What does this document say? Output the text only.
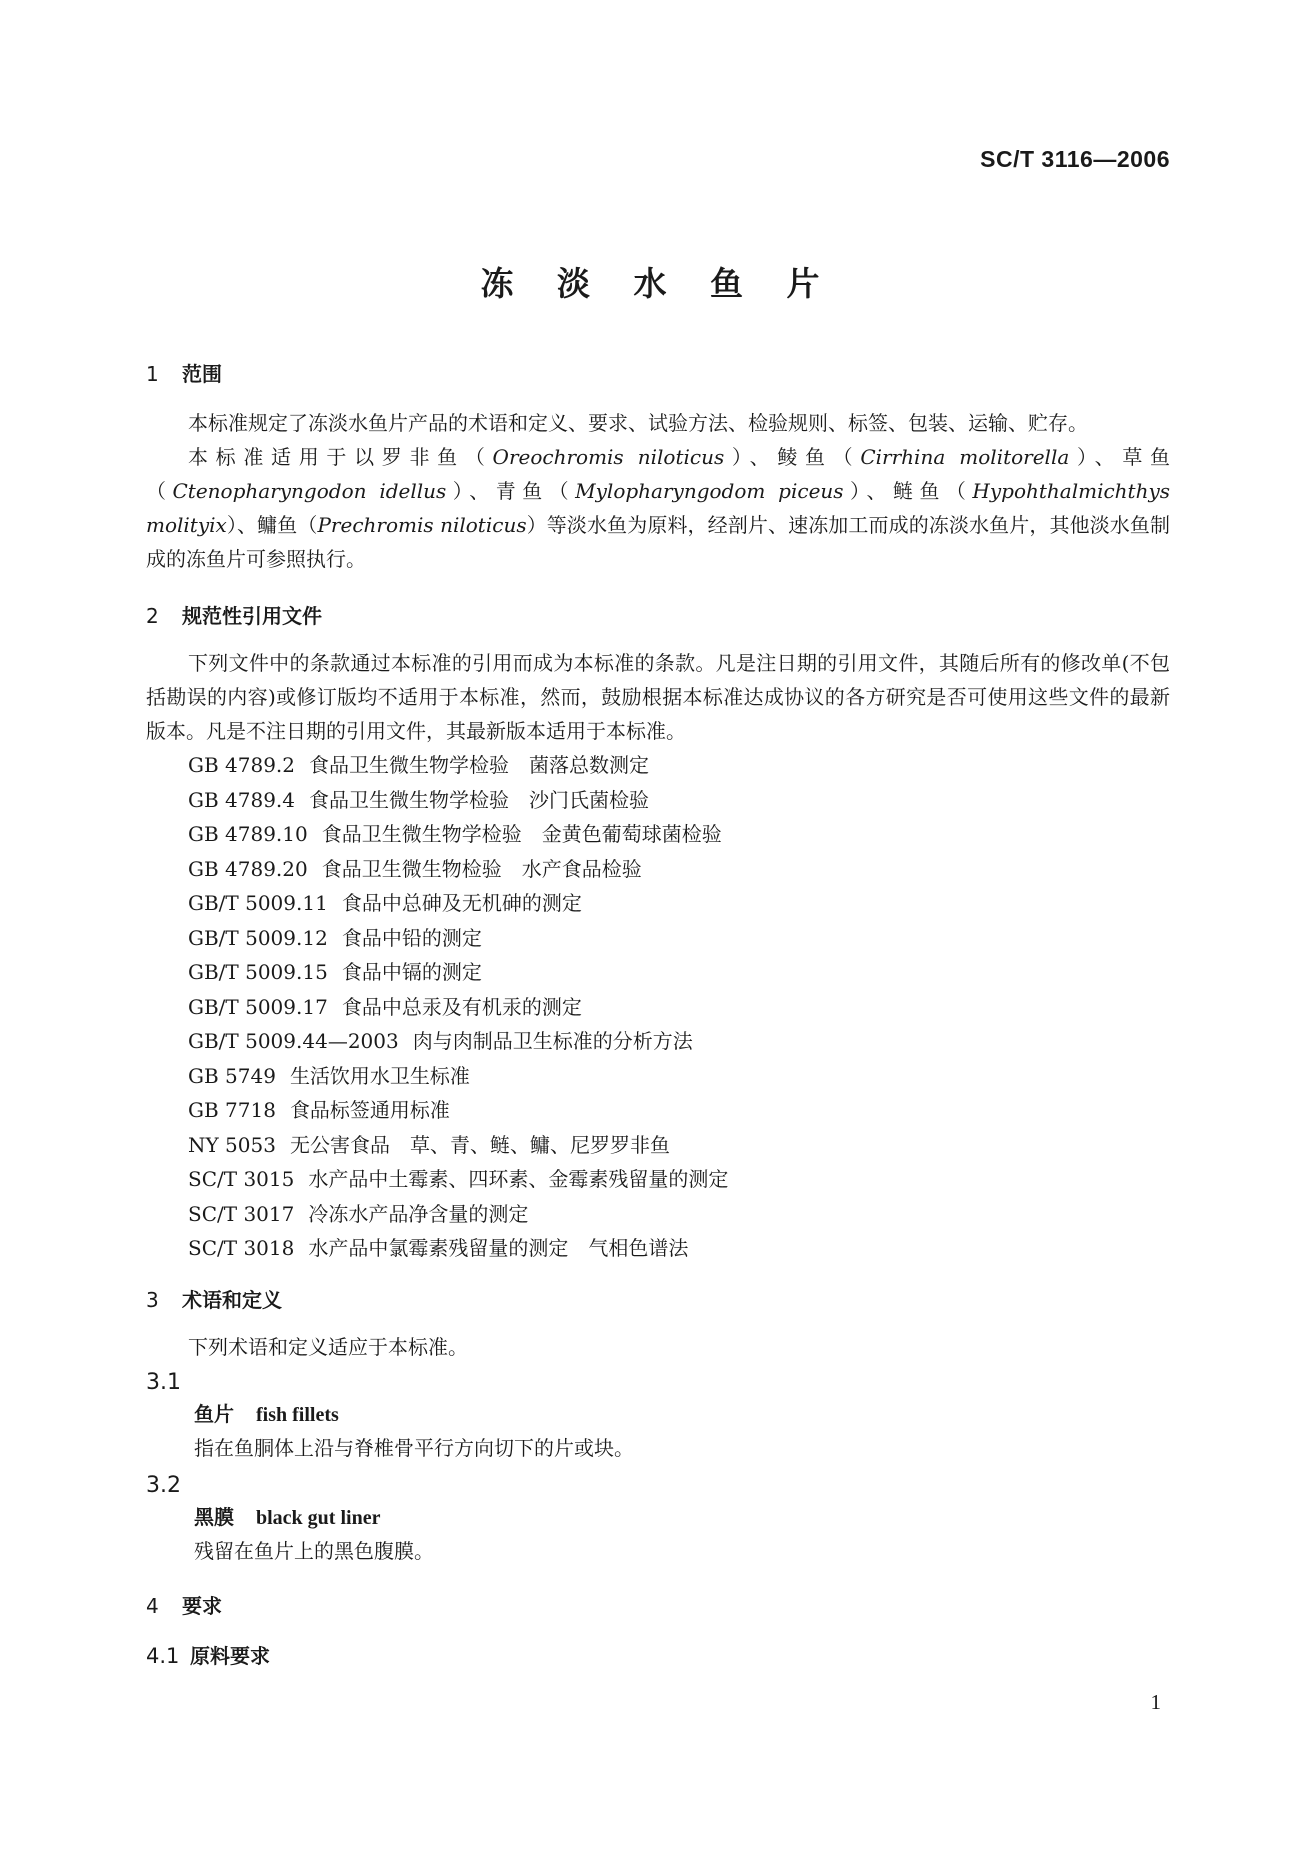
SC/T 3116—2006
冻 淡 水 鱼 片

1 范围

本标准规定了冻淡水鱼片产品的术语和定义、要求、试验方法、检验规则、标签、包装、运输、贮存。

本标准适用于以罗非鱼（Oreochromis niloticus）、鲮鱼（Cirrhina molitorella）、草鱼（Ctenopharyngodon idellus）、青鱼（Mylopharyngodom piceus）、鲢鱼（Hypohthalmichthys molityix）、鳙鱼（Prechromis niloticus）等淡水鱼为原料，经剖片、速冻加工而成的冻淡水鱼片，其他淡水鱼制成的冻鱼片可参照执行。

2 规范性引用文件

下列文件中的条款通过本标准的引用而成为本标准的条款。凡是注日期的引用文件，其随后所有的修改单(不包括勘误的内容)或修订版均不适用于本标准，然而，鼓励根据本标准达成协议的各方研究是否可使用这些文件的最新版本。凡是不注日期的引用文件，其最新版本适用于本标准。

GB 4789.2 食品卫生微生物学检验　菌落总数测定
GB 4789.4 食品卫生微生物学检验　沙门氏菌检验
GB 4789.10 食品卫生微生物学检验　金黄色葡萄球菌检验
GB 4789.20 食品卫生微生物检验　水产食品检验
GB/T 5009.11 食品中总砷及无机砷的测定
GB/T 5009.12 食品中铅的测定
GB/T 5009.15 食品中镉的测定
GB/T 5009.17 食品中总汞及有机汞的测定
GB/T 5009.44—2003 肉与肉制品卫生标准的分析方法
GB 5749 生活饮用水卫生标准
GB 7718 食品标签通用标准
NY 5053 无公害食品　草、青、鲢、鳙、尼罗罗非鱼
SC/T 3015 水产品中土霉素、四环素、金霉素残留量的测定
SC/T 3017 冷冻水产品净含量的测定
SC/T 3018 水产品中氯霉素残留量的测定　气相色谱法

3 术语和定义

下列术语和定义适应于本标准。

3.1

鱼片 fish fillets

指在鱼胴体上沿与脊椎骨平行方向切下的片或块。

3.2

黑膜 black gut liner

残留在鱼片上的黑色腹膜。

4 要求

4.1 原料要求

1
